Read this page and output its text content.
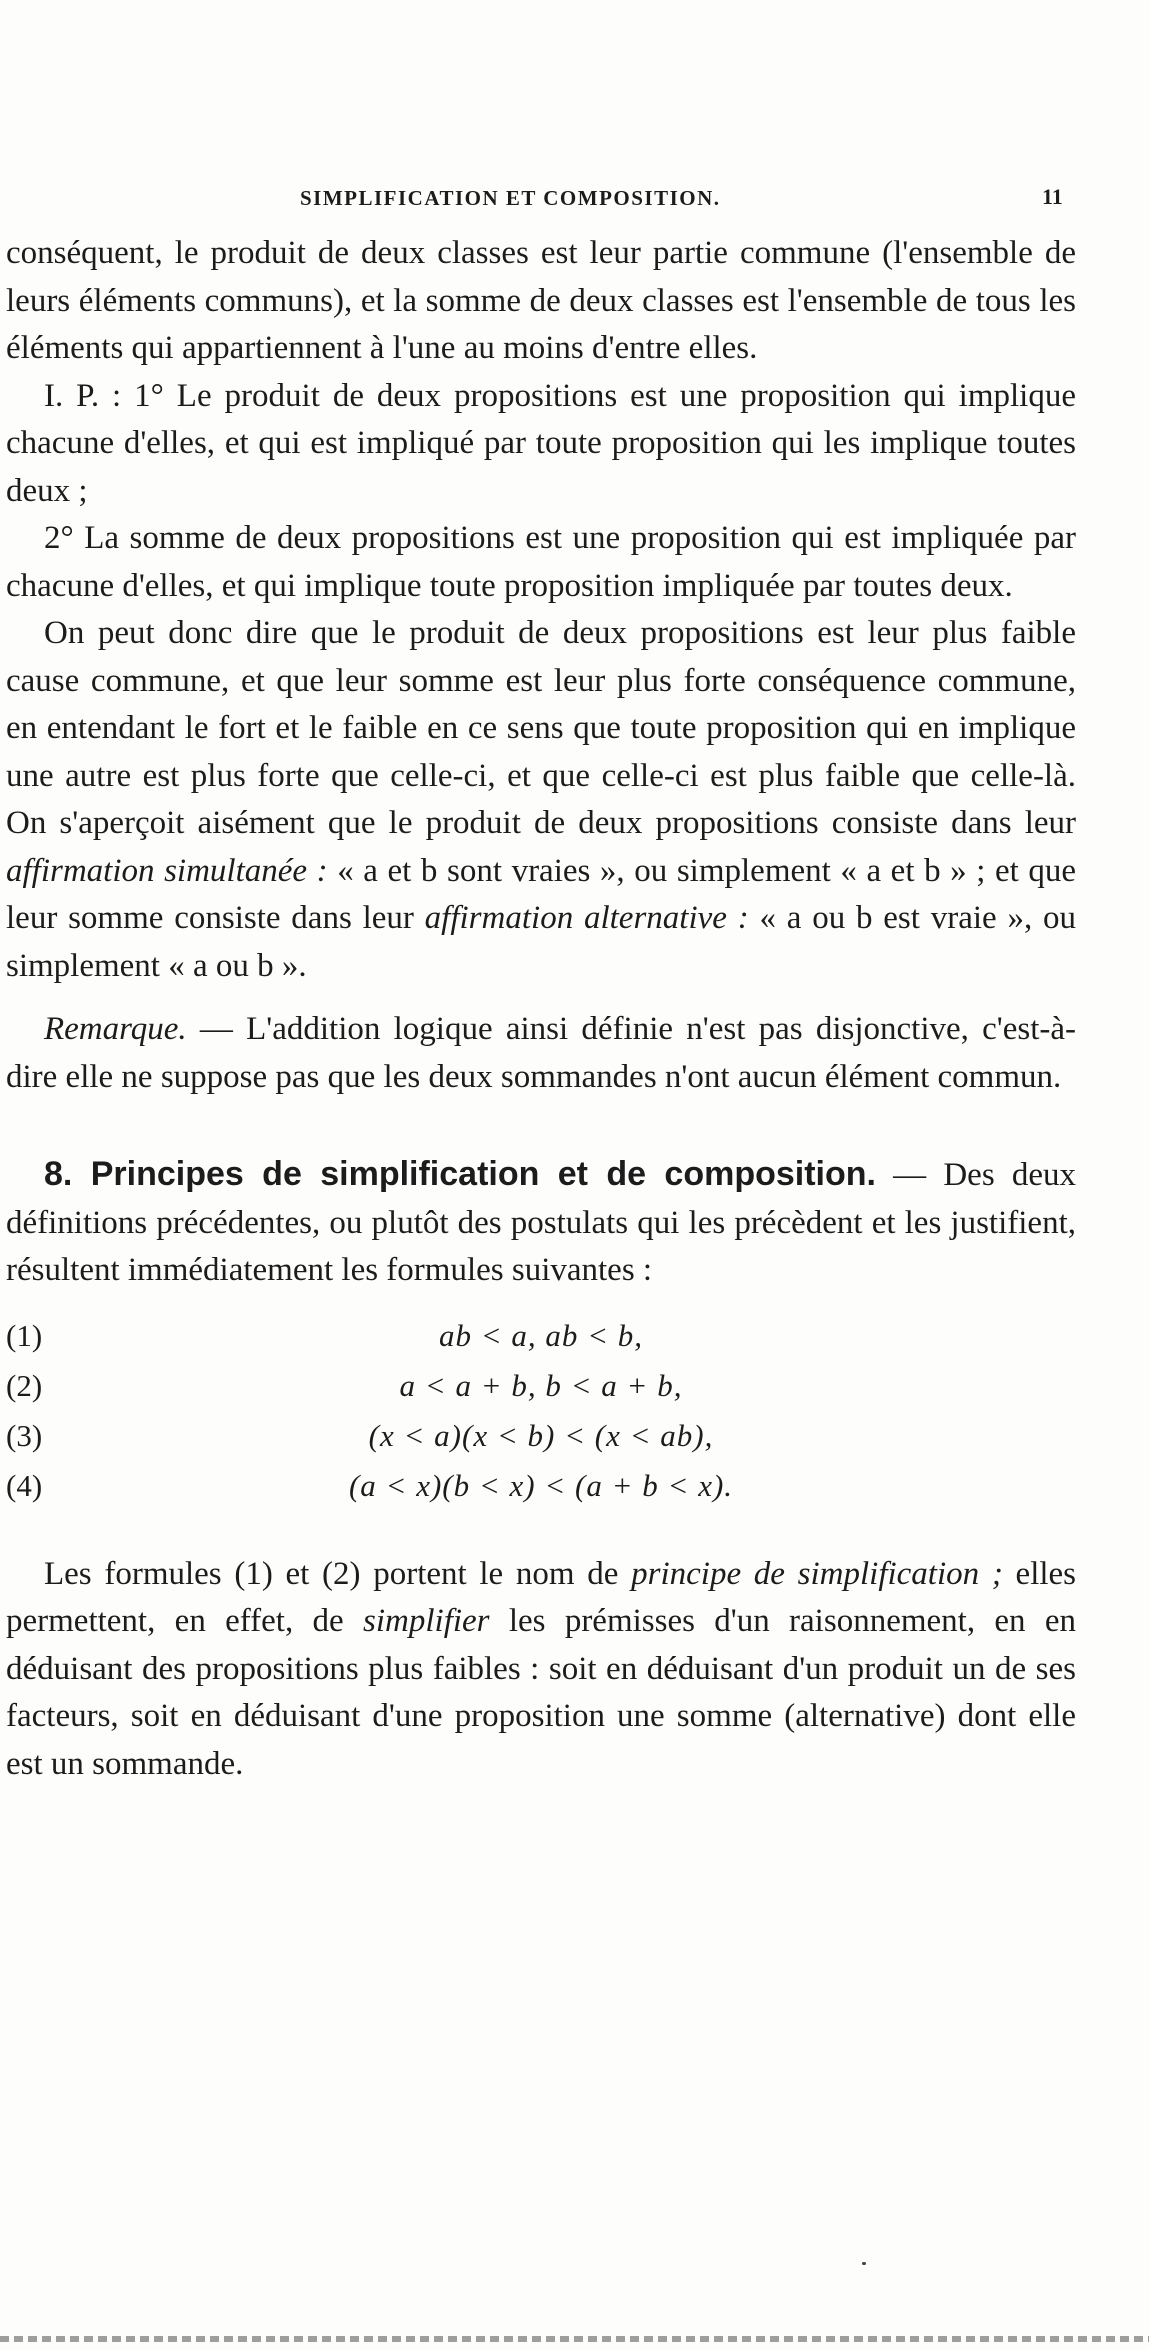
SIMPLIFICATION ET COMPOSITION.	11

conséquent, le produit de deux classes est leur partie commune (l'ensemble de leurs éléments communs), et la somme de deux classes est l'ensemble de tous les éléments qui appartiennent à l'une au moins d'entre elles.

I. P. : 1° Le produit de deux propositions est une proposition qui implique chacune d'elles, et qui est impliqué par toute proposition qui les implique toutes deux ;

2° La somme de deux propositions est une proposition qui est impliquée par chacune d'elles, et qui implique toute proposition impliquée par toutes deux.

On peut donc dire que le produit de deux propositions est leur plus faible cause commune, et que leur somme est leur plus forte conséquence commune, en entendant le fort et le faible en ce sens que toute proposition qui en implique une autre est plus forte que celle-ci, et que celle-ci est plus faible que celle-là. On s'aperçoit aisément que le produit de deux propositions consiste dans leur affirmation simultanée : « a et b sont vraies », ou simplement « a et b » ; et que leur somme consiste dans leur affirmation alternative : « a ou b est vraie », ou simplement « a ou b ».

Remarque. — L'addition logique ainsi définie n'est pas disjonctive, c'est-à-dire elle ne suppose pas que les deux sommandes n'ont aucun élément commun.

8. Principes de simplification et de composition. — Des deux définitions précédentes, ou plutôt des postulats qui les précèdent et les justifient, résultent immédiatement les formules suivantes :

(1)	ab < a, ab < b,
(2)	a < a + b, b < a + b,
(3)	(x < a)(x < b) < (x < ab),
(4)	(a < x)(b < x) < (a + b < x).

Les formules (1) et (2) portent le nom de principe de simplification ; elles permettent, en effet, de simplifier les prémisses d'un raisonnement, en en déduisant des propositions plus faibles : soit en déduisant d'un produit un de ses facteurs, soit en déduisant d'une proposition une somme (alternative) dont elle est un sommande.
